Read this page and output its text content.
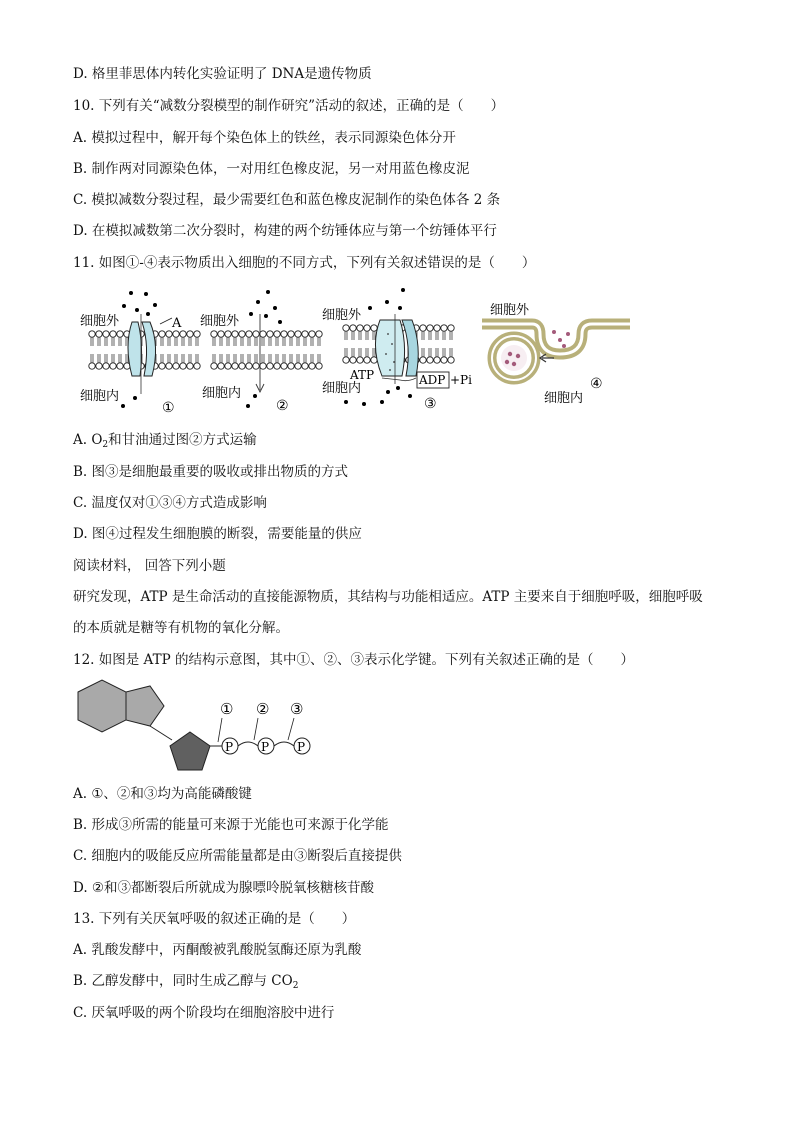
D. 格里菲思体内转化实验证明了 DNA是遗传物质
10. 下列有关“减数分裂模型的制作研究”活动的叙述，正确的是（　　）
A. 模拟过程中，解开每个染色体上的铁丝，表示同源染色体分开
B. 制作两对同源染色体，一对用红色橡皮泥，另一对用蓝色橡皮泥
C. 模拟减数分裂过程，最少需要红色和蓝色橡皮泥制作的染色体各 2 条
D. 在模拟减数第二次分裂时，构建的两个纺锤体应与第一个纺锤体平行
11. 如图①-④表示物质出入细胞的不同方式，下列有关叙述错误的是（　　）
细胞外	A
细胞内
①
细胞外
细胞内
②
细胞外
ATP
细胞内
ADP +Pi
③
细胞外
细胞内
④
A. $O_2$和甘油通过图②方式运输
B. 图③是细胞最重要的吸收或排出物质的方式
C. 温度仅对①③④方式造成影响
D. 图④过程发生细胞膜的断裂，需要能量的供应
阅读材料， 回答下列小题
研究发现，ATP 是生命活动的直接能源物质，其结构与功能相适应。ATP 主要来自于细胞呼吸，细胞呼吸
的本质就是糖等有机物的氧化分解。
12. 如图是 ATP 的结构示意图，其中①、②、③表示化学键。下列有关叙述正确的是（　　）
P P P
① ② ③
A. ①、②和③均为高能磷酸键
B. 形成③所需的能量可来源于光能也可来源于化学能
C. 细胞内的吸能反应所需能量都是由③断裂后直接提供
D. ②和③都断裂后所就成为腺嘌呤脱氧核糖核苷酸
13. 下列有关厌氧呼吸的叙述正确的是（　　）
A. 乳酸发酵中，丙酮酸被乳酸脱氢酶还原为乳酸
B. 乙醇发酵中，同时生成乙醇与 $CO_2$
C. 厌氧呼吸的两个阶段均在细胞溶胶中进行
